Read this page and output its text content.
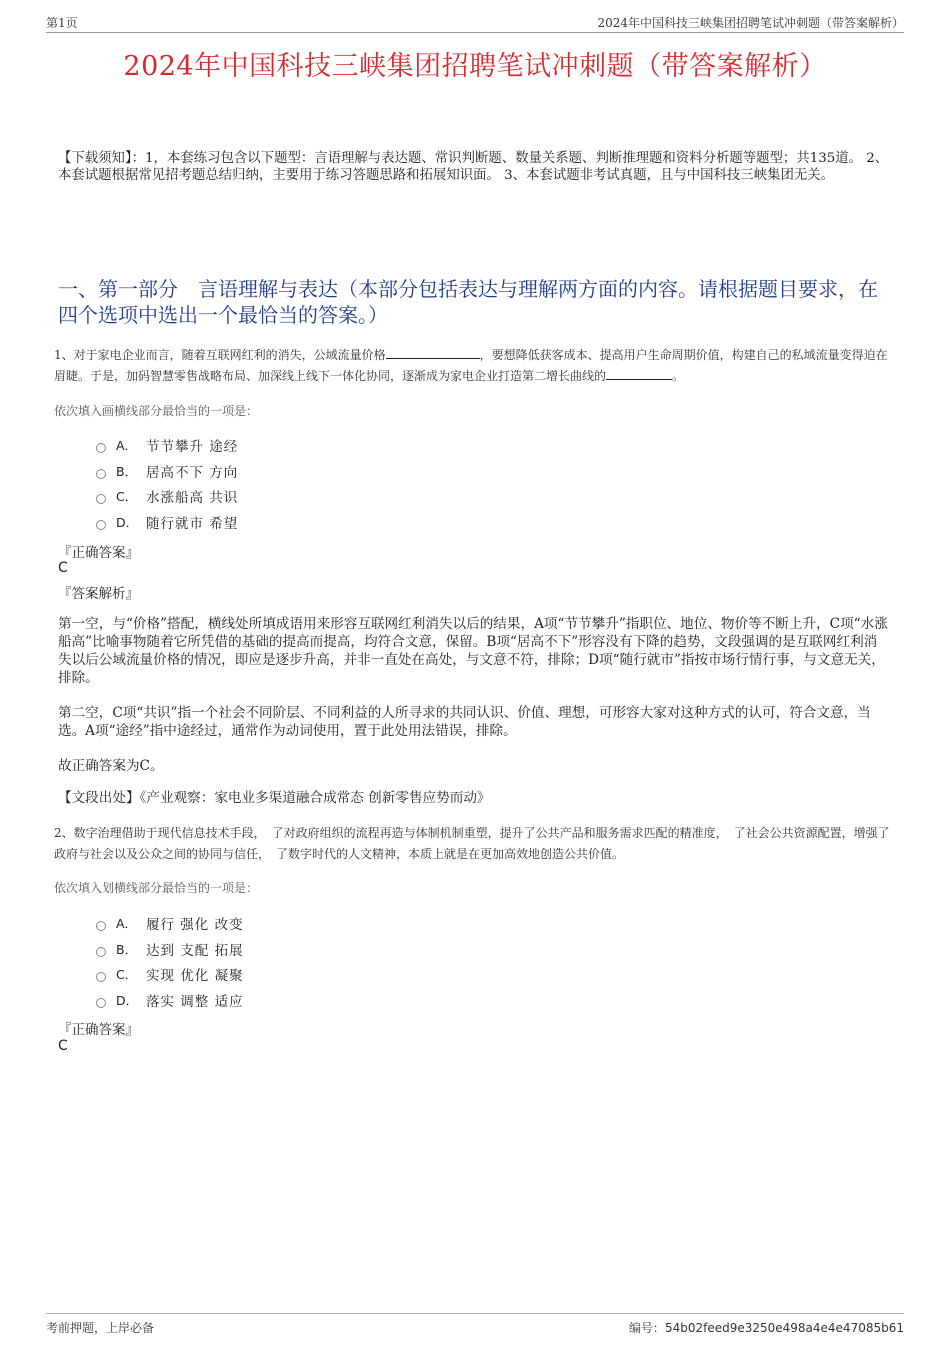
第1页	2024年中国科技三峡集团招聘笔试冲刺题（带答案解析）
2024年中国科技三峡集团招聘笔试冲刺题（带答案解析）
【下载须知】：1，本套练习包含以下题型：言语理解与表达题、常识判断题、数量关系题、判断推理题和资料分析题等题型；共135道。 2、本套试题根据常见招考题总结归纳，主要用于练习答题思路和拓展知识面。 3、本套试题非考试真题，且与中国科技三峡集团无关。
一、第一部分　言语理解与表达（本部分包括表达与理解两方面的内容。请根据题目要求，在四个选项中选出一个最恰当的答案。）
1、对于家电企业而言，随着互联网红利的消失，公域流量价格	，要想降低获客成本、提高用户生命周期价值，构建自己的私域流量变得迫在眉睫。于是，加码智慧零售战略布局、加深线上线下一体化协同，逐渐成为家电企业打造第二增长曲线的	。
依次填入画横线部分最恰当的一项是：
A． 节节攀升 途经
B． 居高不下 方向
C． 水涨船高 共识
D． 随行就市 希望
『正确答案』
C
『答案解析』
第一空，与“价格”搭配，横线处所填成语用来形容互联网红利消失以后的结果，A项“节节攀升”指职位、地位、物价等不断上升，C项“水涨船高”比喻事物随着它所凭借的基础的提高而提高，均符合文意，保留。B项“居高不下”形容没有下降的趋势，文段强调的是互联网红利消失以后公域流量价格的情况，即应是逐步升高，并非一直处在高处，与文意不符，排除；D项“随行就市”指按市场行情行事，与文意无关，排除。
第二空，C项“共识”指一个社会不同阶层、不同利益的人所寻求的共同认识、价值、理想，可形容大家对这种方式的认可，符合文意，当选。A项“途经”指中途经过，通常作为动词使用，置于此处用法错误，排除。
故正确答案为C。
【文段出处】《产业观察：家电业多渠道融合成常态 创新零售应势而动》
2、数字治理借助于现代信息技术手段，　了对政府组织的流程再造与体制机制重塑，提升了公共产品和服务需求匹配的精准度，　了社会公共资源配置，增强了政府与社会以及公众之间的协同与信任，　了数字时代的人文精神，本质上就是在更加高效地创造公共价值。
依次填入划横线部分最恰当的一项是：
A． 履行 强化 改变
B． 达到 支配 拓展
C． 实现 优化 凝聚
D． 落实 调整 适应
『正确答案』
C
考前押题，上岸必备	编号：54b02feed9e3250e498a4e4e47085b61
